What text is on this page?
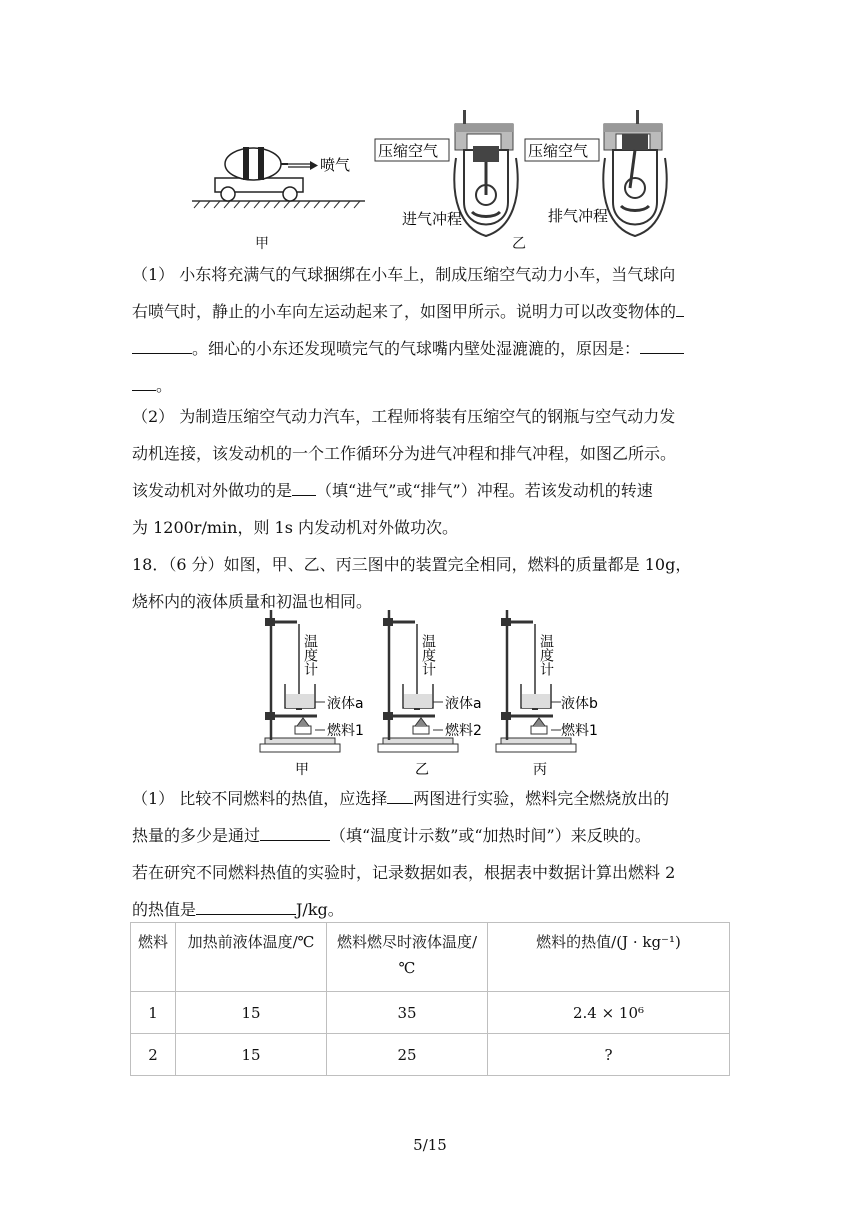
喷气
压缩空气
进气冲程
压缩空气
排气冲程
甲	乙

（1） 小东将充满气的气球捆绑在小车上，制成压缩空气动力小车，当气球向

右喷气时，静止的小车向左运动起来了，如图甲所示。说明力可以改变物体的

。细心的小东还发现喷完气的气球嘴内壁处湿漉漉的，原因是：

。

（2） 为制造压缩空气动力汽车，工程师将装有压缩空气的钢瓶与空气动力发

动机连接，该发动机的一个工作循环分为进气冲程和排气冲程，如图乙所示。

该发动机对外做功的是 （填“进气”或“排气”）冲程。若该发动机的转速

为 1200r/min，则 1s 内发动机对外做功次。

18．（6 分）如图，甲、乙、丙三图中的装置完全相同，燃料的质量都是 10g，

烧杯内的液体质量和初温也相同。

温度计
液体a
燃料1
温度计
液体a
燃料2
温度计
液体b
燃料1
甲	乙	丙

（1） 比较不同燃料的热值，应选择 两图进行实验，燃料完全燃烧放出的

热量的多少是通过	（填“温度计示数”或“加热时间”）来反映的。

若在研究不同燃料热值的实验时，记录数据如表，根据表中数据计算出燃料 2

的热值是	J/kg。

燃料	加热前液体温度/℃	燃料燃尽时液体温度/℃	燃料的热值/(J · kg⁻¹)
1	15	35	2.4 × 10⁶
2	15	25	?
5/15
